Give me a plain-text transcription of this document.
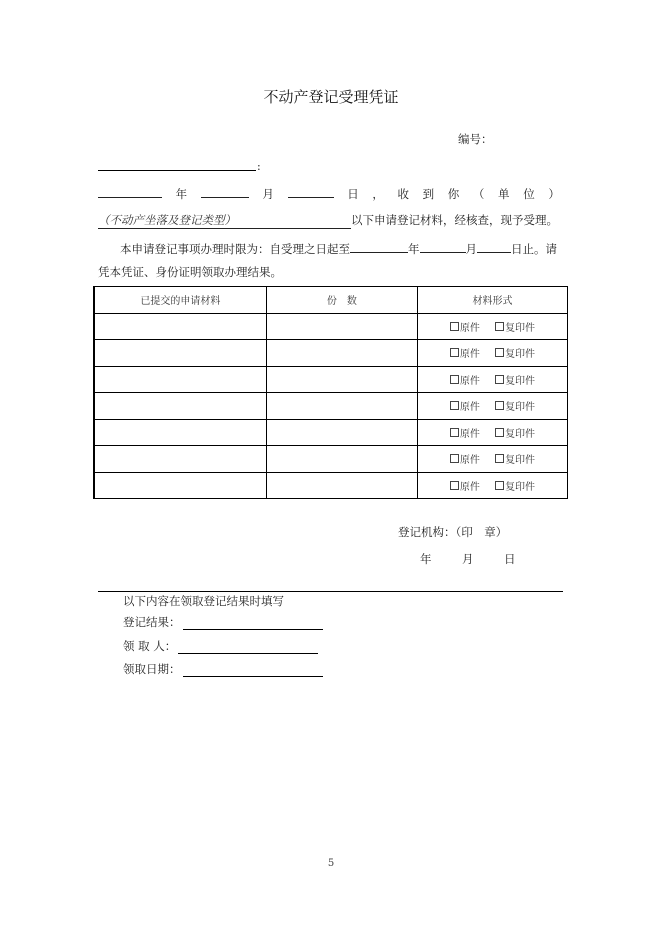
不动产登记受理凭证
编号：
:
年	月	日 ， 收 到 你 （ 单 位 ）
（不动产坐落及登记类型）	以下申请登记材料，经核查，现予受理。
本申请登记事项办理时限为：自受理之日起至	年	月	日止。请
凭本凭证、身份证明领取办理结果。
已提交的申请材料	份　数	材料形式
		原件 复印件
		原件 复印件
		原件 复印件
		原件 复印件
		原件 复印件
		原件 复印件
		原件 复印件
登记机构：（印　章）
年	月	日
以下内容在领取登记结果时填写
登记结果：
领 取 人：
领取日期：
5
